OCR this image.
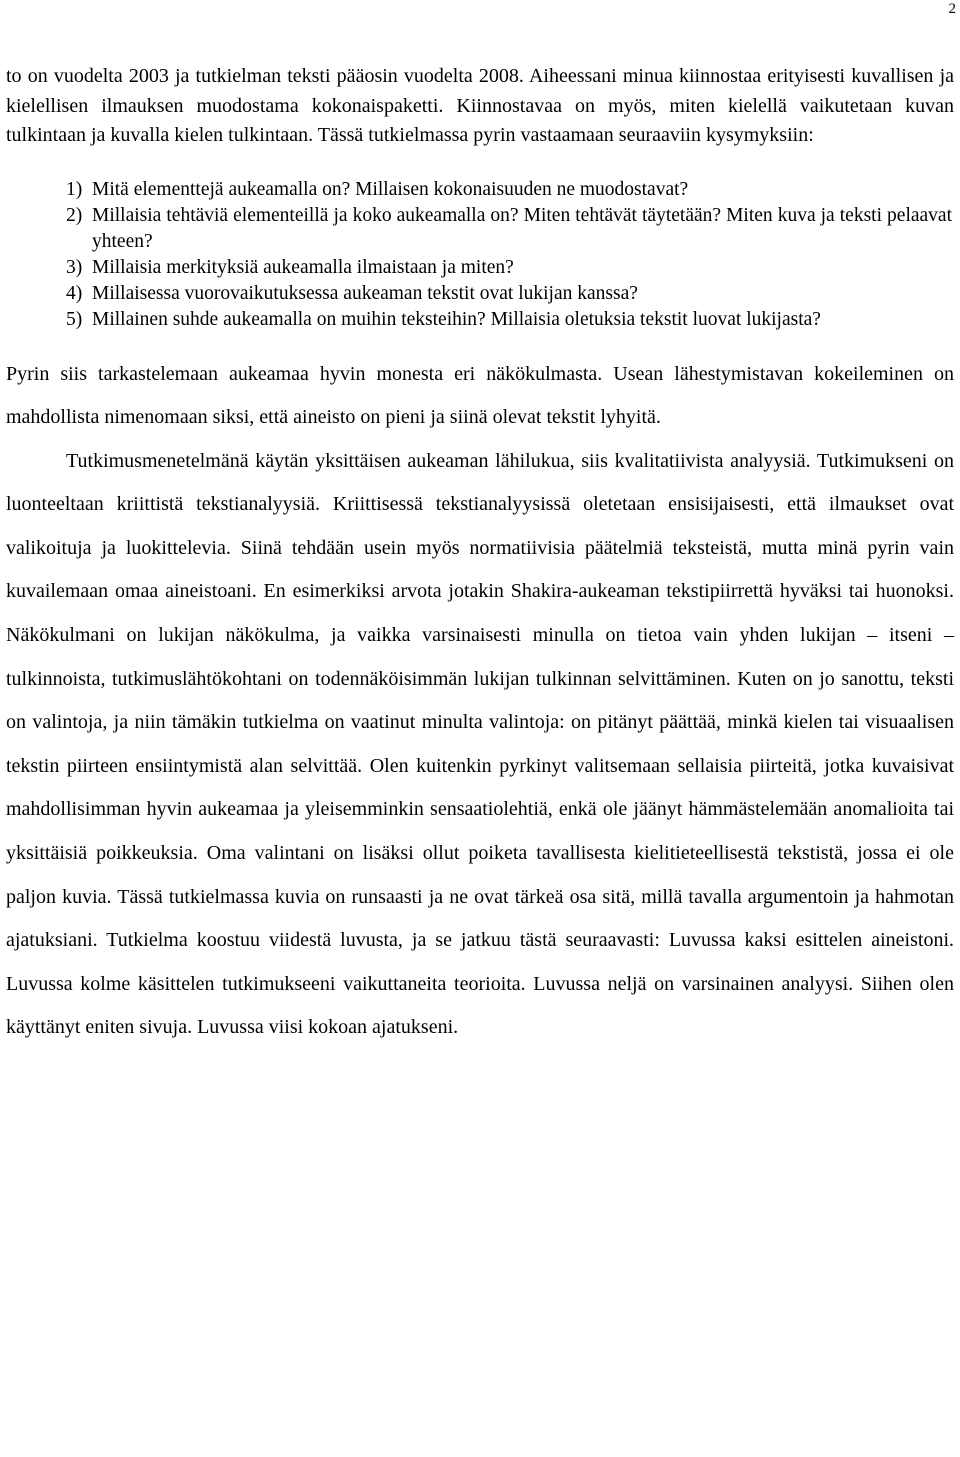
2

to on vuodelta 2003 ja tutkielman teksti pääosin vuodelta 2008. Aiheessani minua kiinnostaa erityisesti kuvallisen ja kielellisen ilmauksen muodostama kokonaispaketti. Kiinnostavaa on myös, miten kielellä vaikutetaan kuvan tulkintaan ja kuvalla kielen tulkintaan. Tässä tutkielmassa pyrin vastaamaan seuraaviin kysymyksiin:

1) Mitä elementtejä aukeamalla on? Millaisen kokonaisuuden ne muodostavat?
2) Millaisia tehtäviä elementeillä ja koko aukeamalla on? Miten tehtävät täytetään? Miten kuva ja teksti pelaavat yhteen?
3) Millaisia merkityksiä aukeamalla ilmaistaan ja miten?
4) Millaisessa vuorovaikutuksessa aukeaman tekstit ovat lukijan kanssa?
5) Millainen suhde aukeamalla on muihin teksteihin? Millaisia oletuksia tekstit luovat lukijasta?

Pyrin siis tarkastelemaan aukeamaa hyvin monesta eri näkökulmasta. Usean lähestymistavan kokeileminen on mahdollista nimenomaan siksi, että aineisto on pieni ja siinä olevat tekstit lyhyitä.

Tutkimusmenetelmänä käytän yksittäisen aukeaman lähilukua, siis kvalitatiivista analyysiä. Tutkimukseni on luonteeltaan kriittistä tekstianalyysiä. Kriittisessä tekstianalyysissä oletetaan ensisijaisesti, että ilmaukset ovat valikoituja ja luokittelevia. Siinä tehdään usein myös normatiivisia päätelmiä teksteistä, mutta minä pyrin vain kuvailemaan omaa aineistoani. En esimerkiksi arvota jotakin Shakira-aukeaman tekstipiirrettä hyväksi tai huonoksi. Näkökulmani on lukijan näkökulma, ja vaikka varsinaisesti minulla on tietoa vain yhden lukijan – itseni – tulkinnoista, tutkimuslähtökohtani on todennäköisimmän lukijan tulkinnan selvittäminen. Kuten on jo sanottu, teksti on valintoja, ja niin tämäkin tutkielma on vaatinut minulta valintoja: on pitänyt päättää, minkä kielen tai visuaalisen tekstin piirteen ensiintymistä alan selvittää. Olen kuitenkin pyrkinyt valitsemaan sellaisia piirteitä, jotka kuvaisivat mahdollisimman hyvin aukeamaa ja yleisemminkin sensaatiolehtiä, enkä ole jäänyt hämmästelemään anomalioita tai yksittäisiä poikkeuksia. Oma valintani on lisäksi ollut poiketa tavallisesta kielitieteellisestä tekstistä, jossa ei ole paljon kuvia. Tässä tutkielmassa kuvia on runsaasti ja ne ovat tärkeä osa sitä, millä tavalla argumentoin ja hahmotan ajatuksiani. Tutkielma koostuu viidestä luvusta, ja se jatkuu tästä seuraavasti: Luvussa kaksi esittelen aineistoni. Luvussa kolme käsittelen tutkimukseeni vaikuttaneita teorioita. Luvussa neljä on varsinainen analyysi. Siihen olen käyttänyt eniten sivuja. Luvussa viisi kokoan ajatukseni.
